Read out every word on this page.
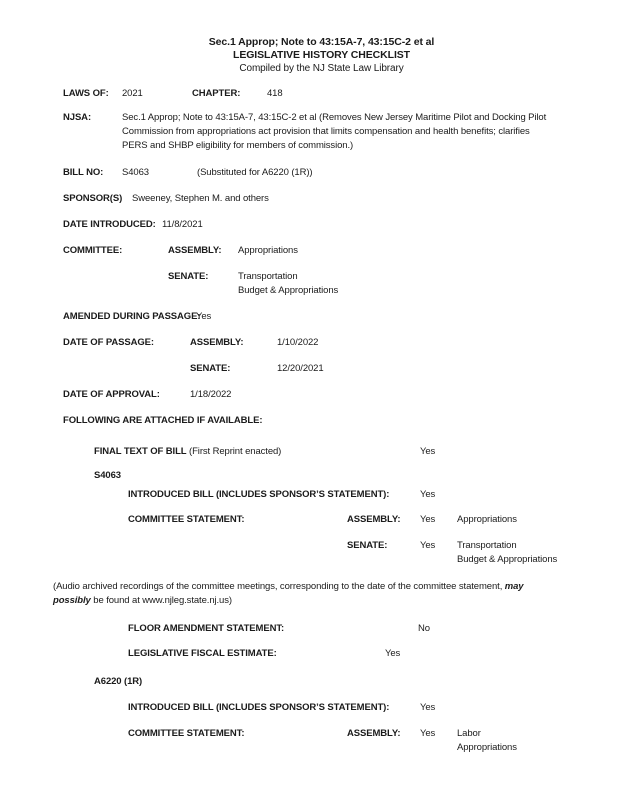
Sec.1 Approp; Note to 43:15A-7, 43:15C-2 et al
LEGISLATIVE HISTORY CHECKLIST
Compiled by the NJ State Law Library
LAWS OF: 2021	CHAPTER:	418
NJSA:	Sec.1 Approp; Note to 43:15A-7, 43:15C-2 et al (Removes New Jersey Maritime Pilot and Docking Pilot
Commission from appropriations act provision that limits compensation and health benefits; clarifies
PERS and SHBP eligibility for members of commission.)
BILL NO: S4063	(Substituted for A6220 (1R))
SPONSOR(S) Sweeney, Stephen M. and others
DATE INTRODUCED: 11/8/2021
COMMITTEE:	ASSEMBLY: Appropriations
SENATE:	Transportation
Budget & Appropriations
AMENDED DURING PASSAGE:
Yes
DATE OF PASSAGE:	ASSEMBLY:	1/10/2022
SENATE:	12/20/2021
DATE OF APPROVAL:	1/18/2022
FOLLOWING ARE ATTACHED IF AVAILABLE:
FINAL TEXT OF BILL (First Reprint enacted)	Yes
S4063
INTRODUCED BILL (INCLUDES SPONSOR’S STATEMENT):	Yes
COMMITTEE STATEMENT:	ASSEMBLY: Yes Appropriations
SENATE:	Yes Transportation
Budget & Appropriations
(Audio archived recordings of the committee meetings, corresponding to the date of the committee statement, may
possibly be found at www.njleg.state.nj.us)
FLOOR AMENDMENT STATEMENT:	No
LEGISLATIVE FISCAL ESTIMATE:	Yes
A6220 (1R)
INTRODUCED BILL (INCLUDES SPONSOR’S STATEMENT):	Yes
COMMITTEE STATEMENT:	ASSEMBLY: Yes Labor
Appropriations
